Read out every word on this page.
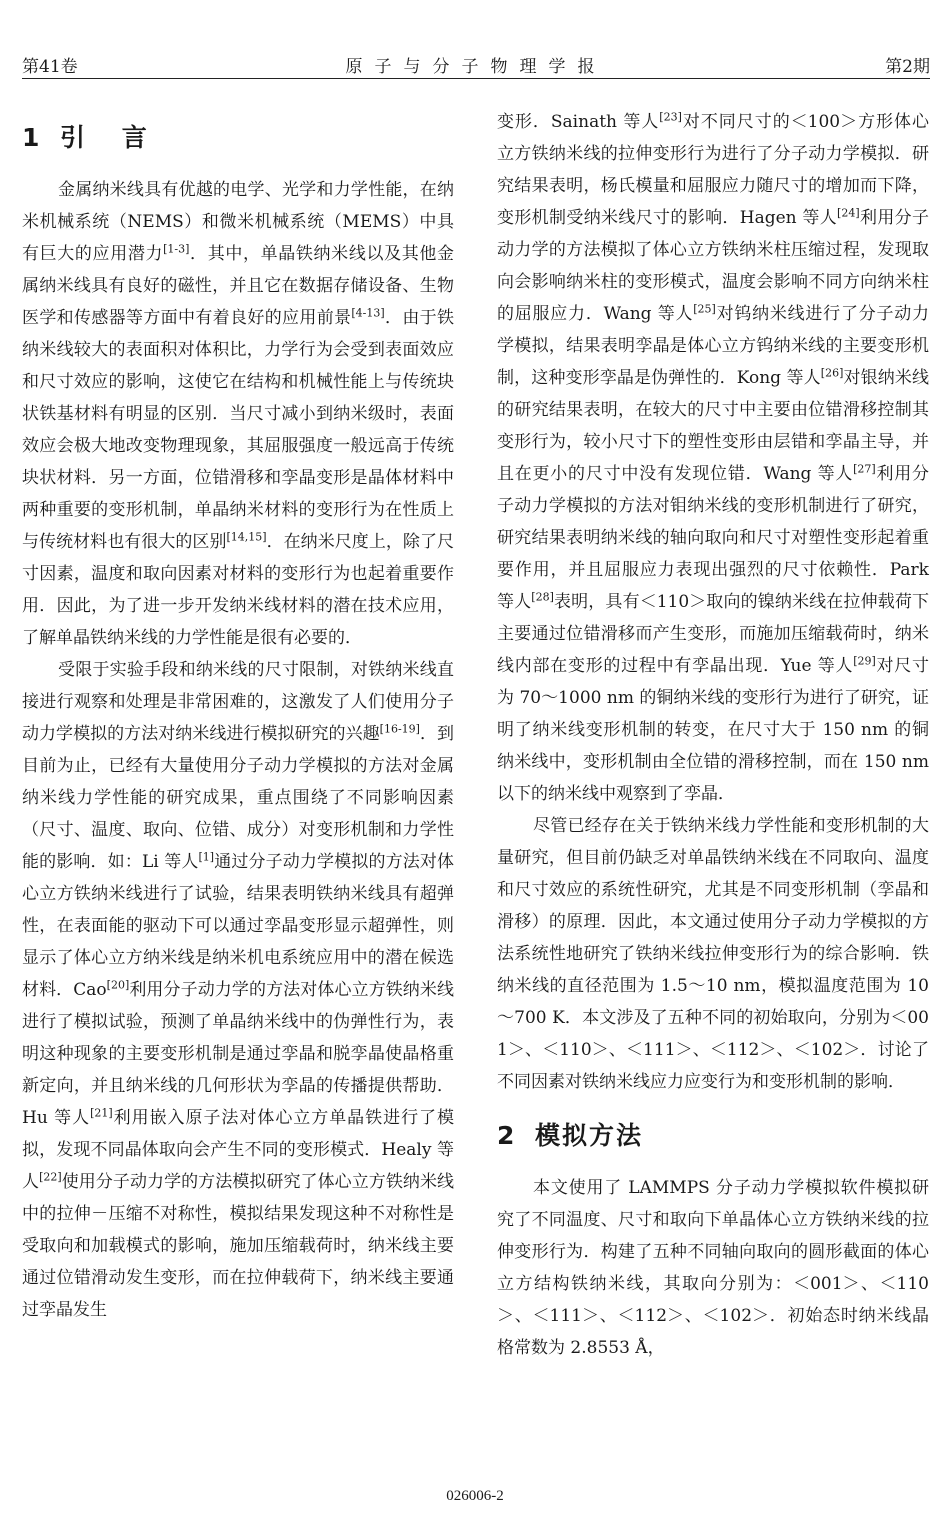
第41卷	原子与分子物理学报	第2期
1 引 言

金属纳米线具有优越的电学、光学和力学性能，在纳米机械系统（NEMS）和微米机械系统（MEMS）中具有巨大的应用潜力[1-3]．其中，单晶铁纳米线以及其他金属纳米线具有良好的磁性，并且它在数据存储设备、生物医学和传感器等方面中有着良好的应用前景[4-13]．由于铁纳米线较大的表面积对体积比，力学行为会受到表面效应和尺寸效应的影响，这使它在结构和机械性能上与传统块状铁基材料有明显的区别．当尺寸减小到纳米级时，表面效应会极大地改变物理现象，其屈服强度一般远高于传统块状材料．另一方面，位错滑移和孪晶变形是晶体材料中两种重要的变形机制，单晶纳米材料的变形行为在性质上与传统材料也有很大的区别[14,15]．在纳米尺度上，除了尺寸因素，温度和取向因素对材料的变形行为也起着重要作用．因此，为了进一步开发纳米线材料的潜在技术应用，了解单晶铁纳米线的力学性能是很有必要的．

受限于实验手段和纳米线的尺寸限制，对铁纳米线直接进行观察和处理是非常困难的，这激发了人们使用分子动力学模拟的方法对纳米线进行模拟研究的兴趣[16-19]．到目前为止，已经有大量使用分子动力学模拟的方法对金属纳米线力学性能的研究成果，重点围绕了不同影响因素（尺寸、温度、取向、位错、成分）对变形机制和力学性能的影响．如：Li 等人[1]通过分子动力学模拟的方法对体心立方铁纳米线进行了试验，结果表明铁纳米线具有超弹性，在表面能的驱动下可以通过孪晶变形显示超弹性，则显示了体心立方纳米线是纳米机电系统应用中的潜在候选材料．Cao[20]利用分子动力学的方法对体心立方铁纳米线进行了模拟试验，预测了单晶纳米线中的伪弹性行为，表明这种现象的主要变形机制是通过孪晶和脱孪晶使晶格重新定向，并且纳米线的几何形状为孪晶的传播提供帮助．Hu 等人[21]利用嵌入原子法对体心立方单晶铁进行了模拟，发现不同晶体取向会产生不同的变形模式．Healy 等人[22]使用分子动力学的方法模拟研究了体心立方铁纳米线中的拉伸－压缩不对称性，模拟结果发现这种不对称性是受取向和加载模式的影响，施加压缩载荷时，纳米线主要通过位错滑动发生变形，而在拉伸载荷下，纳米线主要通过孪晶发生

变形．Sainath 等人[23]对不同尺寸的＜100＞方形体心立方铁纳米线的拉伸变形行为进行了分子动力学模拟．研究结果表明，杨氏模量和屈服应力随尺寸的增加而下降，变形机制受纳米线尺寸的影响．Hagen 等人[24]利用分子动力学的方法模拟了体心立方铁纳米柱压缩过程，发现取向会影响纳米柱的变形模式，温度会影响不同方向纳米柱的屈服应力．Wang 等人[25]对钨纳米线进行了分子动力学模拟，结果表明孪晶是体心立方钨纳米线的主要变形机制，这种变形孪晶是伪弹性的．Kong 等人[26]对银纳米线的研究结果表明，在较大的尺寸中主要由位错滑移控制其变形行为，较小尺寸下的塑性变形由层错和孪晶主导，并且在更小的尺寸中没有发现位错．Wang 等人[27]利用分子动力学模拟的方法对钼纳米线的变形机制进行了研究，研究结果表明纳米线的轴向取向和尺寸对塑性变形起着重要作用，并且屈服应力表现出强烈的尺寸依赖性．Park 等人[28]表明，具有＜110＞取向的镍纳米线在拉伸载荷下主要通过位错滑移而产生变形，而施加压缩载荷时，纳米线内部在变形的过程中有孪晶出现．Yue 等人[29]对尺寸为 70～1000 nm 的铜纳米线的变形行为进行了研究，证明了纳米线变形机制的转变，在尺寸大于 150 nm 的铜纳米线中，变形机制由全位错的滑移控制，而在 150 nm 以下的纳米线中观察到了孪晶．

尽管已经存在关于铁纳米线力学性能和变形机制的大量研究，但目前仍缺乏对单晶铁纳米线在不同取向、温度和尺寸效应的系统性研究，尤其是不同变形机制（孪晶和滑移）的原理．因此，本文通过使用分子动力学模拟的方法系统性地研究了铁纳米线拉伸变形行为的综合影响．铁纳米线的直径范围为 1.5～10 nm，模拟温度范围为 10～700 K．本文涉及了五种不同的初始取向，分别为＜001＞、＜110＞、＜111＞、＜112＞、＜102＞．讨论了不同因素对铁纳米线应力应变行为和变形机制的影响．

2 模拟方法

本文使用了 LAMMPS 分子动力学模拟软件模拟研究了不同温度、尺寸和取向下单晶体心立方铁纳米线的拉伸变形行为．构建了五种不同轴向取向的圆形截面的体心立方结构铁纳米线，其取向分别为：＜001＞、＜110＞、＜111＞、＜112＞、＜102＞．初始态时纳米线晶格常数为 2.8553 Å，

026006-2
